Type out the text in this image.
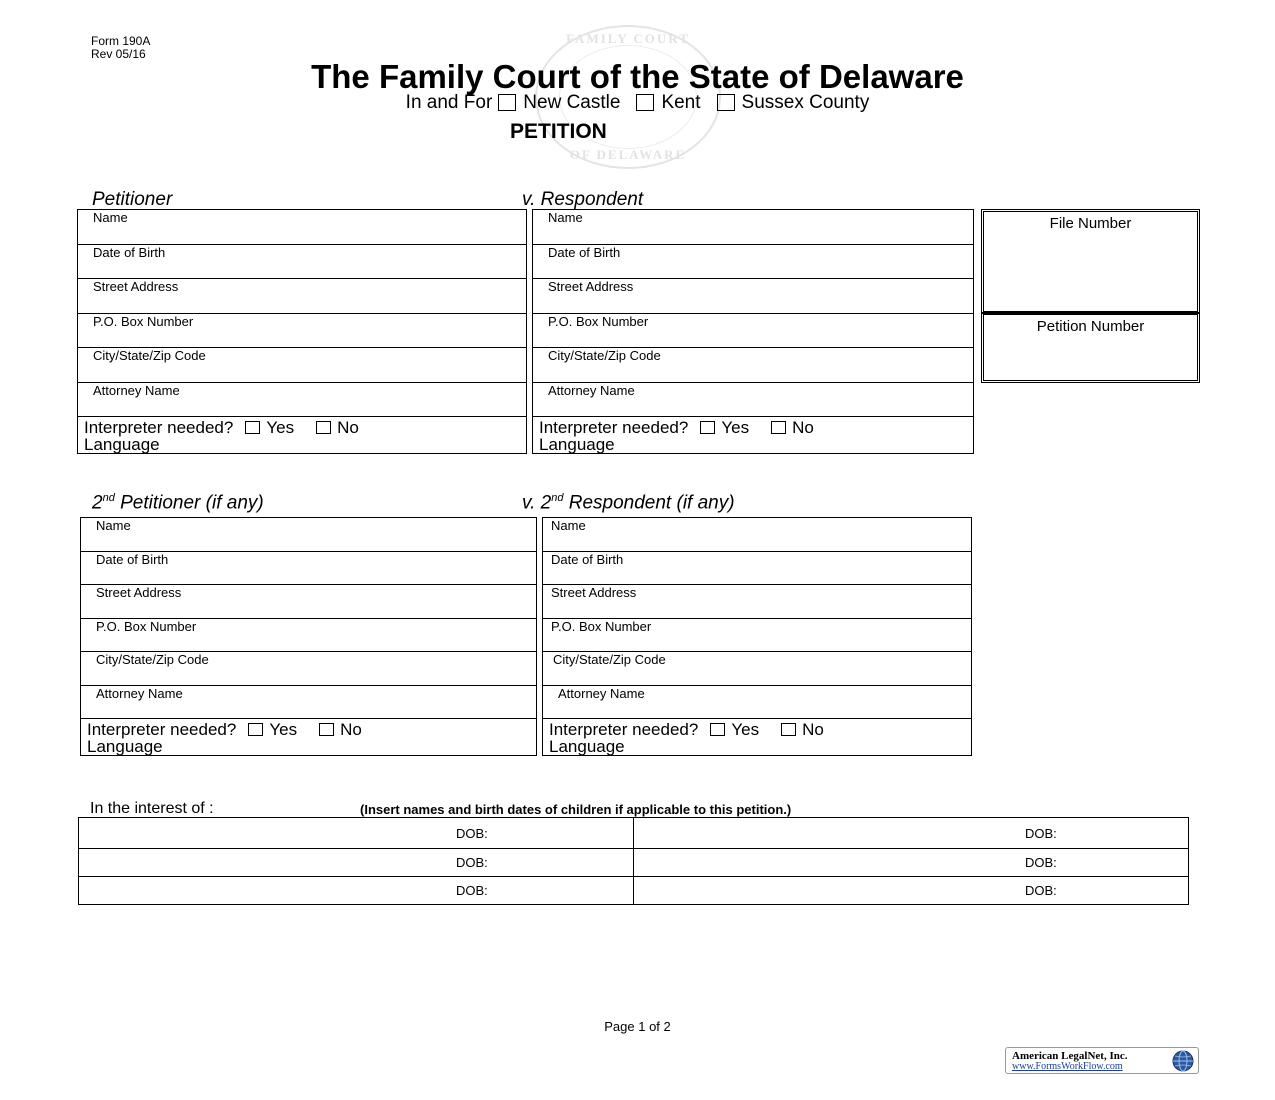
Form 190A
Rev 05/16
FAMILY COURT
OF DELAWARE
The Family Court of the State of Delaware
In and For New Castle Kent Sussex County
PETITION
Petitioner	v. Respondent
Name

Date of Birth

Street Address

P.O. Box Number

City/State/Zip Code

Attorney Name

Interpreter needed? Yes	No
Language
Name

Date of Birth

Street Address

P.O. Box Number

City/State/Zip Code

Attorney Name

Interpreter needed? Yes	No
Language
File Number
Petition Number
2nd Petitioner (if any)	v. 2nd Respondent (if any)
Name

Date of Birth

Street Address

P.O. Box Number

City/State/Zip Code

Attorney Name

Interpreter needed? Yes	No
Language
Name

Date of Birth

Street Address

P.O. Box Number

City/State/Zip Code

Attorney Name

Interpreter needed? Yes	No
Language
In the interest of :	(Insert names and birth dates of children if applicable to this petition.)
DOB:	DOB:
DOB:	DOB:
DOB:	DOB:
Page 1 of 2
American LegalNet, Inc.
www.FormsWorkFlow.com
